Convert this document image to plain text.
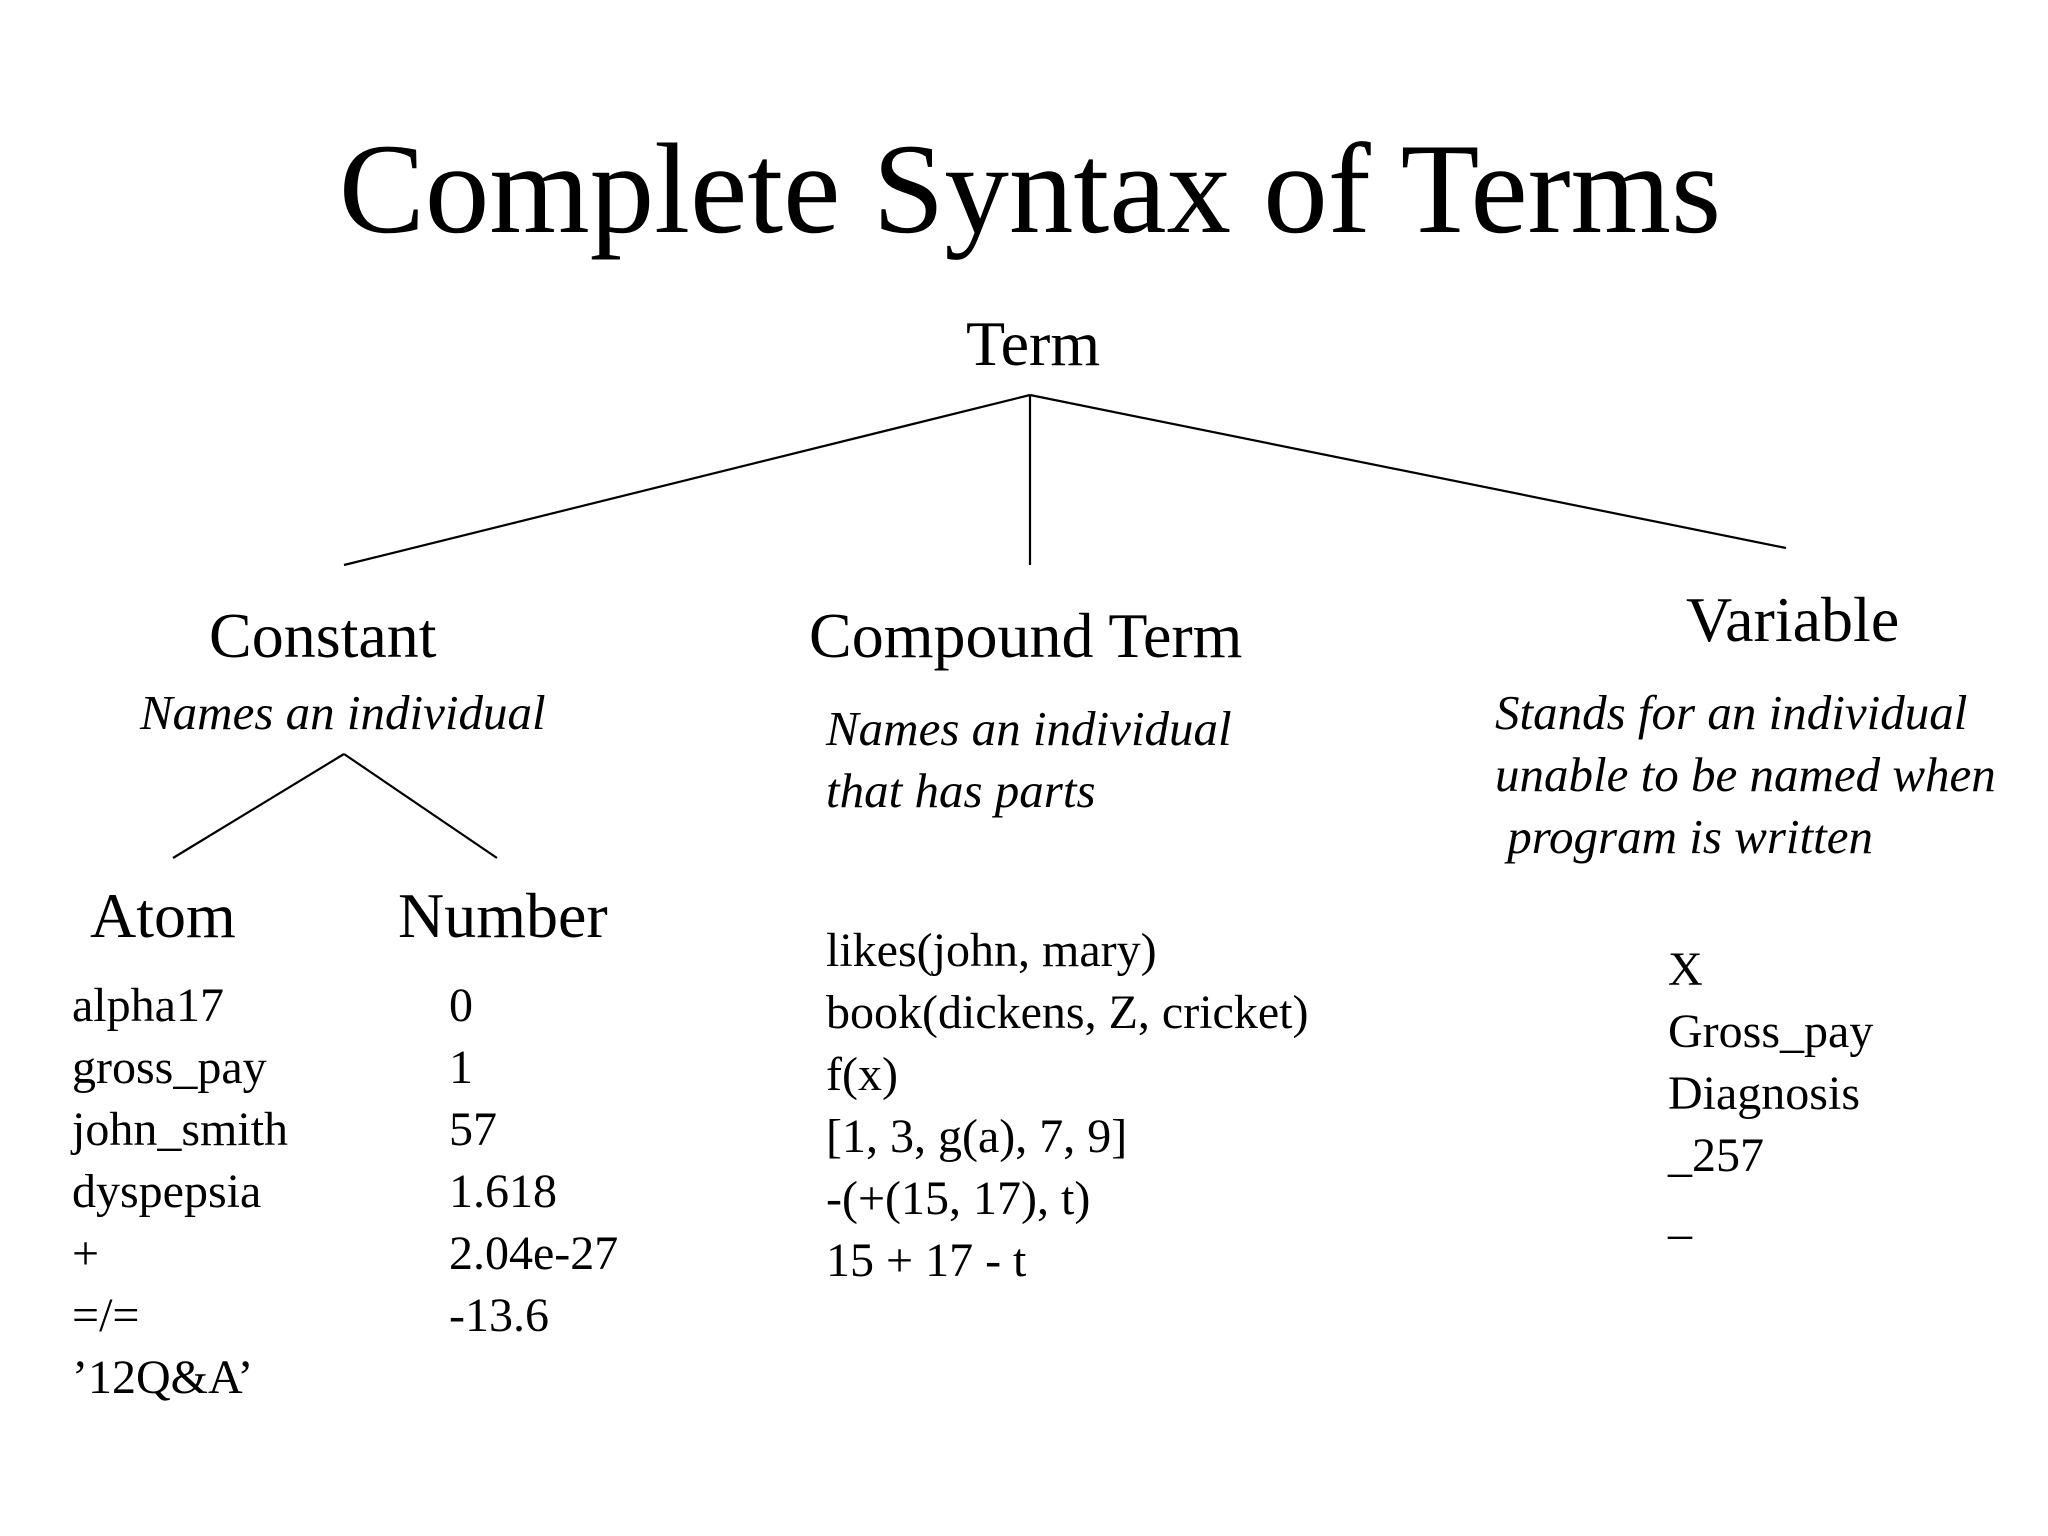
Complete Syntax of Terms
Term
Constant
Names an individual
Atom	Number
alpha17
gross_pay
john_smith
dyspepsia
+
=/=
’12Q&A’
0
1
57
1.618
2.04e-27
-13.6
Compound Term
Names an individual
that has parts
likes(john, mary)
book(dickens, Z, cricket)
f(x)
[1, 3, g(a), 7, 9]
-(+(15, 17), t)
15 + 17 - t
Variable
Stands for an individual
unable to be named when
program is written
X
Gross_pay
Diagnosis
_257
_
